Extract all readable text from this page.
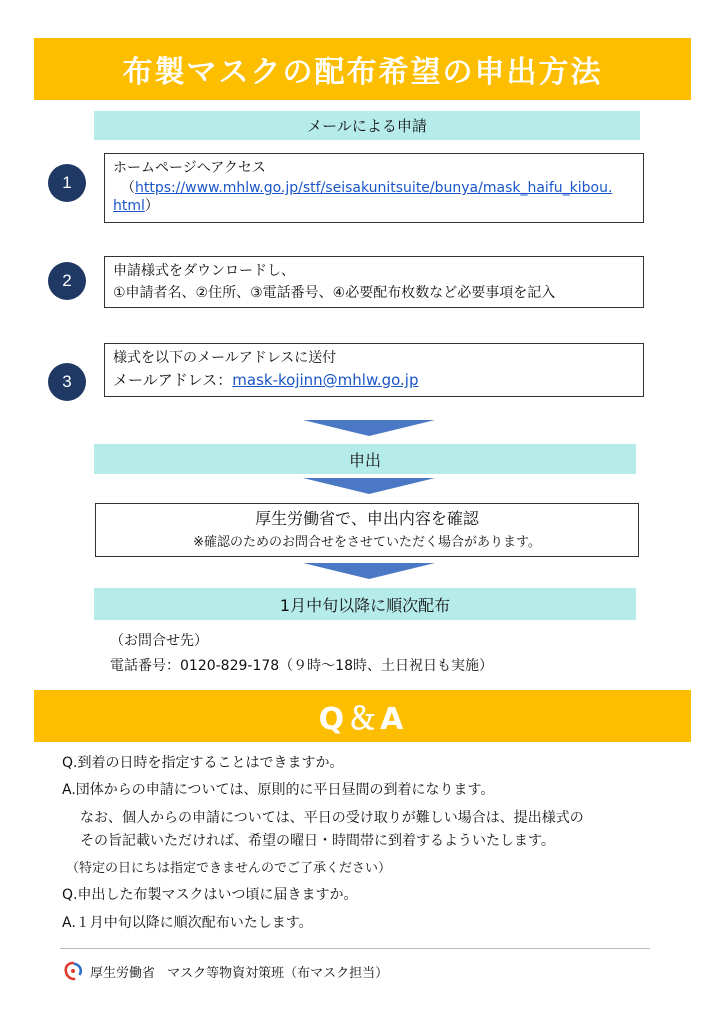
布製マスクの配布希望の申出方法
メールによる申請
1
ホームページへアクセス
（https://www.mhlw.go.jp/stf/seisakunitsuite/bunya/mask_haifu_kibou.
html）
2	申請様式をダウンロードし、
①申請者名、②住所、③電話番号、④必要配布枚数など必要事項を記入
3
様式を以下のメールアドレスに送付
メールアドレス：mask-kojinn@mhlw.go.jp
申出
厚生労働省で、申出内容を確認
※確認のためのお問合せをさせていただく場合があります。
1月中旬以降に順次配布
（お問合せ先）
電話番号：0120-829-178（９時～18時、土日祝日も実施）
Q＆A
Q.到着の日時を指定することはできますか。
A.団体からの申請については、原則的に平日昼間の到着になります。
なお、個人からの申請については、平日の受け取りが難しい場合は、提出様式の
その旨記載いただければ、希望の曜日・時間帯に到着するよういたします。
（特定の日にちは指定できませんのでご了承ください）
Q.申出した布製マスクはいつ頃に届きますか。
A.１月中旬以降に順次配布いたします。
厚生労働省 マスク等物資対策班（布マスク担当）
